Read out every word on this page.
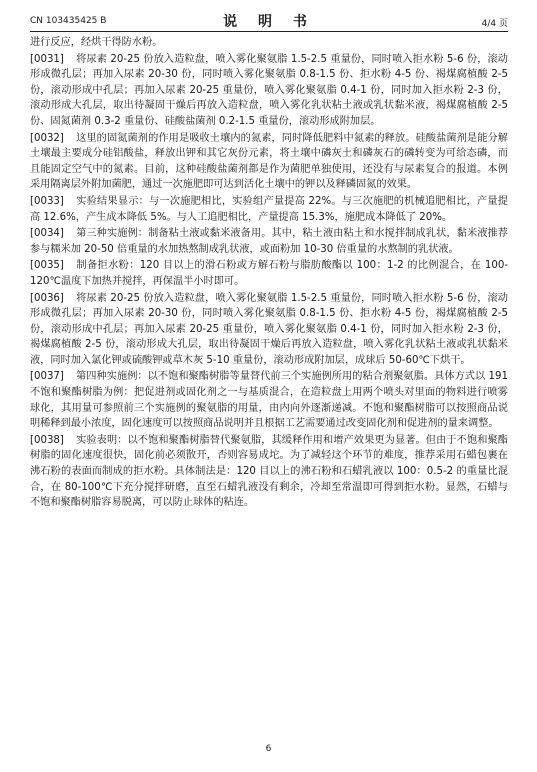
CN 103435425 B	说 明 书	4/4 页

进行反应，经烘干得防水粉。

[0031] 将尿素 20-25 份放入造粒盘，喷入雾化聚氨脂 1.5-2.5 重量份，同时喷入拒水粉 5-6 份，滚动形成微孔层；再加入尿素 20-30 份，同时喷入雾化聚氨脂 0.8-1.5 份、拒水粉 4-5 份、褐煤腐植酸 2-5 份，滚动形成中孔层；再加入尿素 20-25 重量份，喷入雾化聚氨脂 0.4-1 份，同时加入拒水粉 2-3 份，滚动形成大孔层，取出待凝固干燥后再放入造粒盘，喷入雾化乳状粘土液或乳状黏米液，褐煤腐植酸 2-5 份、固氮菌剂 0.3-2 重量份、硅酸盐菌剂 0.2-1.5 重量份，滚动形成附加层。

[0032] 这里的固氮菌剂的作用是吸收土壤内的氮素，同时降低肥料中氮素的释放。硅酸盐菌剂是能分解土壤最主要成分硅铝酸盐，释放出钾和其它灰份元素，将土壤中磷灰土和磷灰石的磷转变为可给态磷，而且能固定空气中的氮素。目前，这种硅酸盐菌剂都是作为菌肥单独使用，还没有与尿素复合的报道。本例采用隔离层外附加菌肥，通过一次施肥即可达到活化土壤中的钾以及释磷固氮的效果。

[0033] 实验结果显示：与一次施肥相比，实验组产量提高 22%。与三次施肥的机械追肥相比，产量提高 12.6%，产生成本降低 5%。与人工追肥相比，产量提高 15.3%，施肥成本降低了 20%。

[0034] 第三种实施例：制备粘土液或黏米液备用。其中，粘土液由粘土和水搅拌制成乳状，黏米液推荐参与糯米加 20-50 倍重量的水加热熬制成乳状液，或面粉加 10-30 倍重量的水熬制的乳状液。

[0035] 制备拒水粉：120 目以上的滑石粉或方解石粉与脂肪酸酯以 100：1-2 的比例混合，在 100-120℃温度下加热并搅拌，再保温半小时即可。

[0036] 将尿素 20-25 份放入造粒盘，喷入雾化聚氨脂 1.5-2.5 重量份，同时喷入拒水粉 5-6 份，滚动形成微孔层；再加入尿素 20-30 份，同时喷入雾化聚氨脂 0.8-1.5 份、拒水粉 4-5 份，褐煤腐植酸 2-5 份，滚动形成中孔层；再加入尿素 20-25 重量份，喷入雾化聚氨脂 0.4-1 份，同时加入拒水粉 2-3 份，褐煤腐植酸 2-5 份，滚动形成大孔层，取出待凝固干燥后再放入造粒盘，喷入雾化乳状粘土液或乳状黏米液，同时加入氯化钾或硫酸钾或草木灰 5-10 重量份，滚动形成附加层，成球后 50-60℃下烘干。

[0037] 第四种实施例：以不饱和聚酯树脂等量替代前三个实施例所用的粘合剂聚氨脂。具体方式以 191 不饱和聚酯树脂为例：把促进剂或固化剂之一与基质混合，在造粒盘上用两个喷头对里面的物料进行喷雾球化，其用量可参照前三个实施例的聚氨脂的用量，由内向外逐渐递减。不饱和聚酯树脂可以按照商品说明稀释到最小浓度，固化速度可以按照商品说明并且根据工艺需要通过改变固化剂和促进剂的量来调整。

[0038] 实验表明：以不饱和聚酯树脂替代聚氨脂，其缓释作用和增产效果更为显著。但由于不饱和聚酯树脂的固化速度很快，固化前必须散开，否则容易成坨。为了减轻这个环节的难度，推荐采用石蜡包裹在沸石粉的表面而制成的拒水粉。具体制法是：120 目以上的沸石粉和石蜡乳液以 100：0.5-2 的重量比混合，在 80-100℃下充分搅拌研磨，直至石蜡乳液没有剩余，冷却至常温即可得到拒水粉。显然，石蜡与不饱和聚酯树脂容易脱离，可以防止球体的粘连。

6
